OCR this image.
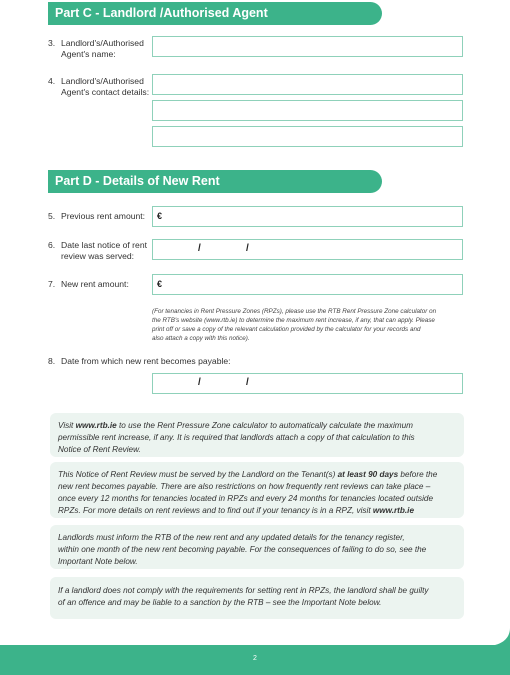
Part C - Landlord /Authorised Agent
3. Landlord's/Authorised
Agent's name:
4. Landlord's/Authorised
Agent's contact details:
Part D - Details of New Rent
5. Previous rent amount: €
6. Date last notice of rent
review was served:
/	/
7. New rent amount:	€
(For tenancies in Rent Pressure Zones (RPZs), please use the RTB Rent Pressure Zone calculator on
the RTB's website (www.rtb.ie) to determine the maximum rent increase, if any, that can apply. Please
print off or save a copy of the relevant calculation provided by the calculator for your records and
also attach a copy with this notice).
8. Date from which new rent becomes payable:
/	/
Visit www.rtb.ie to use the Rent Pressure Zone calculator to automatically calculate the maximum
permissible rent increase, if any. It is required that landlords attach a copy of that calculation to this
Notice of Rent Review.
This Notice of Rent Review must be served by the Landlord on the Tenant(s) at least 90 days before the
new rent becomes payable. There are also restrictions on how frequently rent reviews can take place –
once every 12 months for tenancies located in RPZs and every 24 months for tenancies located outside
RPZs. For more details on rent reviews and to find out if your tenancy is in a RPZ, visit www.rtb.ie
Landlords must inform the RTB of the new rent and any updated details for the tenancy register,
within one month of the new rent becoming payable. For the consequences of failing to do so, see the
Important Note below.
If a landlord does not comply with the requirements for setting rent in RPZs, the landlord shall be guilty
of an offence and may be liable to a sanction by the RTB – see the Important Note below.
2
